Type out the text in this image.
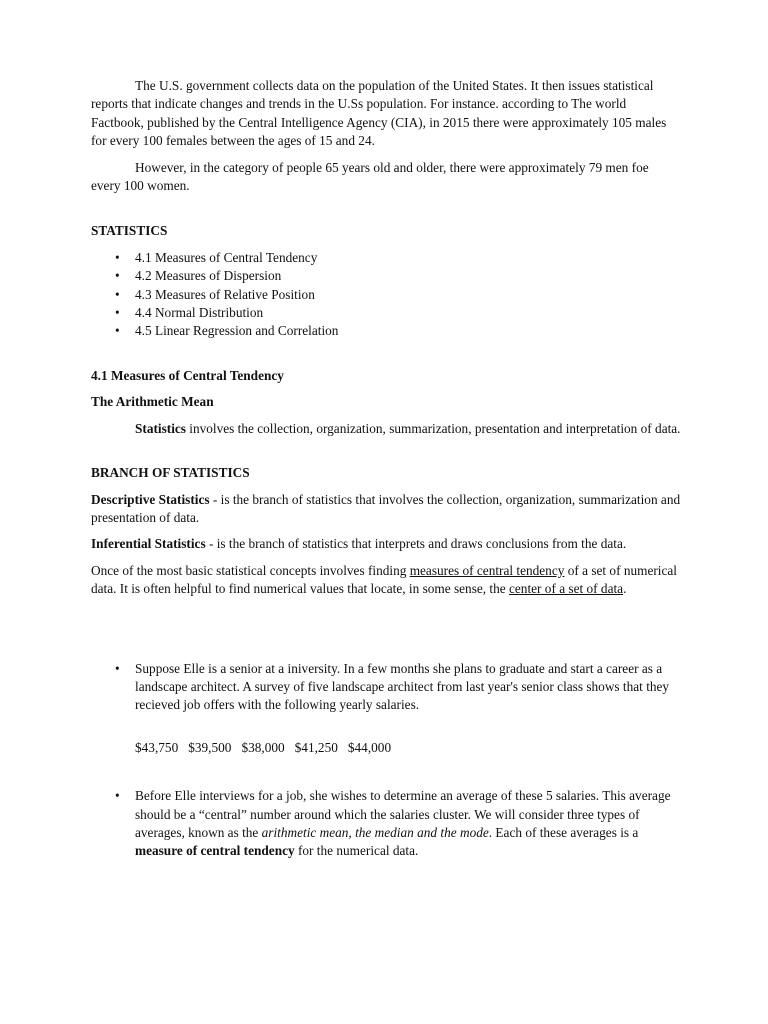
The U.S. government collects data on the population of the United States. It then issues statistical reports that indicate changes and trends in the U.Ss population. For instance. according to The world Factbook, published by the Central Intelligence Agency (CIA), in 2015 there were approximately 105 males for every 100 females between the ages of 15 and 24.

However, in the category of people 65 years old and older, there were approximately 79 men foe every 100 women.

STATISTICS

• 4.1 Measures of Central Tendency
• 4.2 Measures of Dispersion
• 4.3 Measures of Relative Position
• 4.4 Normal Distribution
• 4.5 Linear Regression and Correlation

4.1 Measures of Central Tendency

The Arithmetic Mean

Statistics involves the collection, organization, summarization, presentation and interpretation of data.

BRANCH OF STATISTICS

Descriptive Statistics - is the branch of statistics that involves the collection, organization, summarization and presentation of data.

Inferential Statistics - is the branch of statistics that interprets and draws conclusions from the data.

Once of the most basic statistical concepts involves finding measures of central tendency of a set of numerical data. It is often helpful to find numerical values that locate, in some sense, the center of a set of data.

• Suppose Elle is a senior at a iniversity. In a few months she plans to graduate and start a career as a landscape architect. A survey of five landscape architect from last year's senior class shows that they recieved job offers with the following yearly salaries.

$43,750 $39,500 $38,000 $41,250 $44,000

• Before Elle interviews for a job, she wishes to determine an average of these 5 salaries. This average should be a “central” number around which the salaries cluster. We will consider three types of averages, known as the arithmetic mean, the median and the mode. Each of these averages is a measure of central tendency for the numerical data.
